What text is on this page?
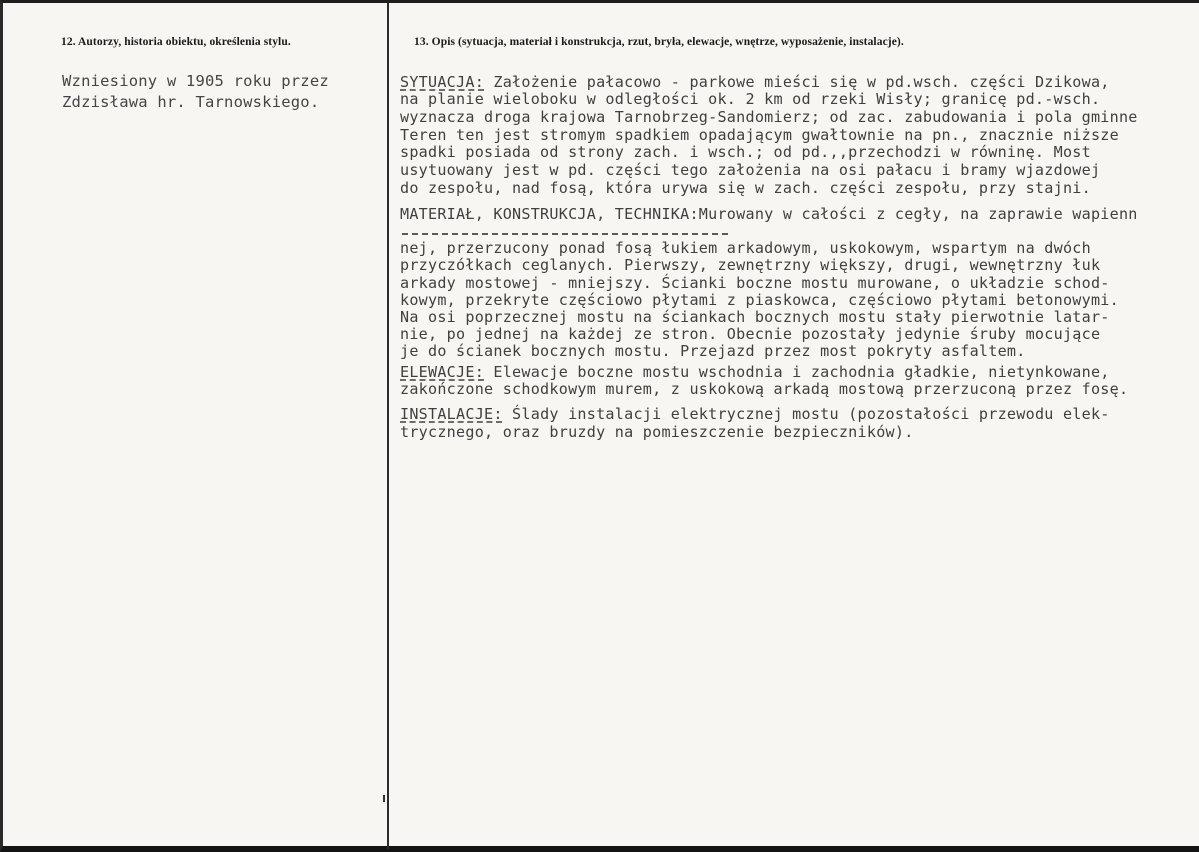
12. Autorzy, historia obiektu, określenia stylu.	13. Opis (sytuacja, materiał i konstrukcja, rzut, bryła, elewacje, wnętrze, wyposażenie, instalacje).
Wzniesiony w 1905 roku przez
Zdzisława hr. Tarnowskiego.
SYTUACJA: Założenie pałacowo - parkowe mieści się w pd.wsch. części Dzikowa,
na planie wieloboku w odległości ok. 2 km od rzeki Wisły; granicę pd.-wsch.
wyznacza droga krajowa Tarnobrzeg-Sandomierz; od zac. zabudowania i pola gminne
Teren ten jest stromym spadkiem opadającym gwałtownie na pn., znacznie niższe
spadki posiada od strony zach. i wsch.; od pd.,,przechodzi w równinę. Most
usytuowany jest w pd. części tego założenia na osi pałacu i bramy wjazdowej
do zespołu, nad fosą, która urywa się w zach. części zespołu, przy stajni.
MATERIAŁ, KONSTRUKCJA, TECHNIKA:Murowany w całości z cegły, na zaprawie wapienn
nej, przerzucony ponad fosą łukiem arkadowym, uskokowym, wspartym na dwóch
przyczółkach ceglanych. Pierwszy, zewnętrzny większy, drugi, wewnętrzny łuk
arkady mostowej - mniejszy. Ścianki boczne mostu murowane, o układzie schod-
kowym, przekryte częściowo płytami z piaskowca, częściowo płytami betonowymi.
Na osi poprzecznej mostu na ściankach bocznych mostu stały pierwotnie latar-
nie, po jednej na każdej ze stron. Obecnie pozostały jedynie śruby mocujące
je do ścianek bocznych mostu. Przejazd przez most pokryty asfaltem.
ELEWACJE: Elewacje boczne mostu wschodnia i zachodnia gładkie, nietynkowane,
zakończone schodkowym murem, z uskokową arkadą mostową przerzuconą przez fosę.
INSTALACJE: Ślady instalacji elektrycznej mostu (pozostałości przewodu elek-
trycznego, oraz bruzdy na pomieszczenie bezpieczników).
